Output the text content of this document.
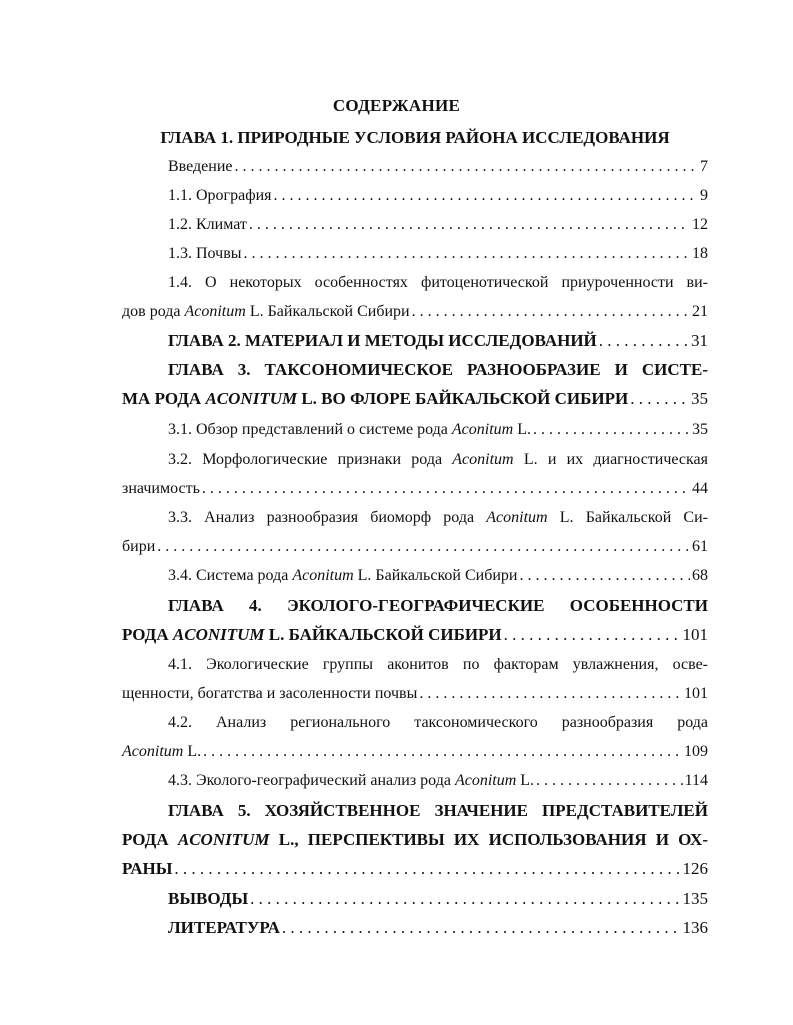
СОДЕРЖАНИЕ
ГЛАВА 1. ПРИРОДНЫЕ УСЛОВИЯ РАЙОНА ИССЛЕДОВАНИЯ
Введение . . .	7
1.1. Орография . . .	9
1.2. Климат . . .	12
1.3. Почвы . . .	18
1.4. О некоторых особенностях фитоценотической приуроченности ви-
дов рода Aconitum L. Байкальской Сибири . . .	21
ГЛАВА 2. МАТЕРИАЛ И МЕТОДЫ ИССЛЕДОВАНИЙ . . .	31
ГЛАВА 3. ТАКСОНОМИЧЕСКОЕ РАЗНООБРАЗИЕ И СИСТЕ-
МА РОДА ACONITUM L. ВО ФЛОРЕ БАЙКАЛЬСКОЙ СИБИРИ . . .	35
3.1. Обзор представлений о системе рода Aconitum L. . . .	35
3.2. Морфологические признаки рода Aconitum L. и их диагностическая
значимость . . .	44
3.3. Анализ разнообразия биоморф рода Aconitum L. Байкальской Си-
бири . . .	61
3.4. Система рода Aconitum L. Байкальской Сибири . . .	68
ГЛАВА 4. ЭКОЛОГО-ГЕОГРАФИЧЕСКИЕ ОСОБЕННОСТИ
РОДА ACONITUM L. БАЙКАЛЬСКОЙ СИБИРИ . . .	101
4.1. Экологические группы аконитов по факторам увлажнения, осве-
щенности, богатства и засоленности почвы . . .	101
4.2. Анализ регионального таксономического разнообразия рода
Aconitum L. . . .	109
4.3. Эколого-географический анализ рода Aconitum L. . . .	114
ГЛАВА 5. ХОЗЯЙСТВЕННОЕ ЗНАЧЕНИЕ ПРЕДСТАВИТЕЛЕЙ
РОДА ACONITUM L., ПЕРСПЕКТИВЫ ИХ ИСПОЛЬЗОВАНИЯ И ОХ-
РАНЫ . . .	126
ВЫВОДЫ . . .	135
ЛИТЕРАТУРА . . .	136
